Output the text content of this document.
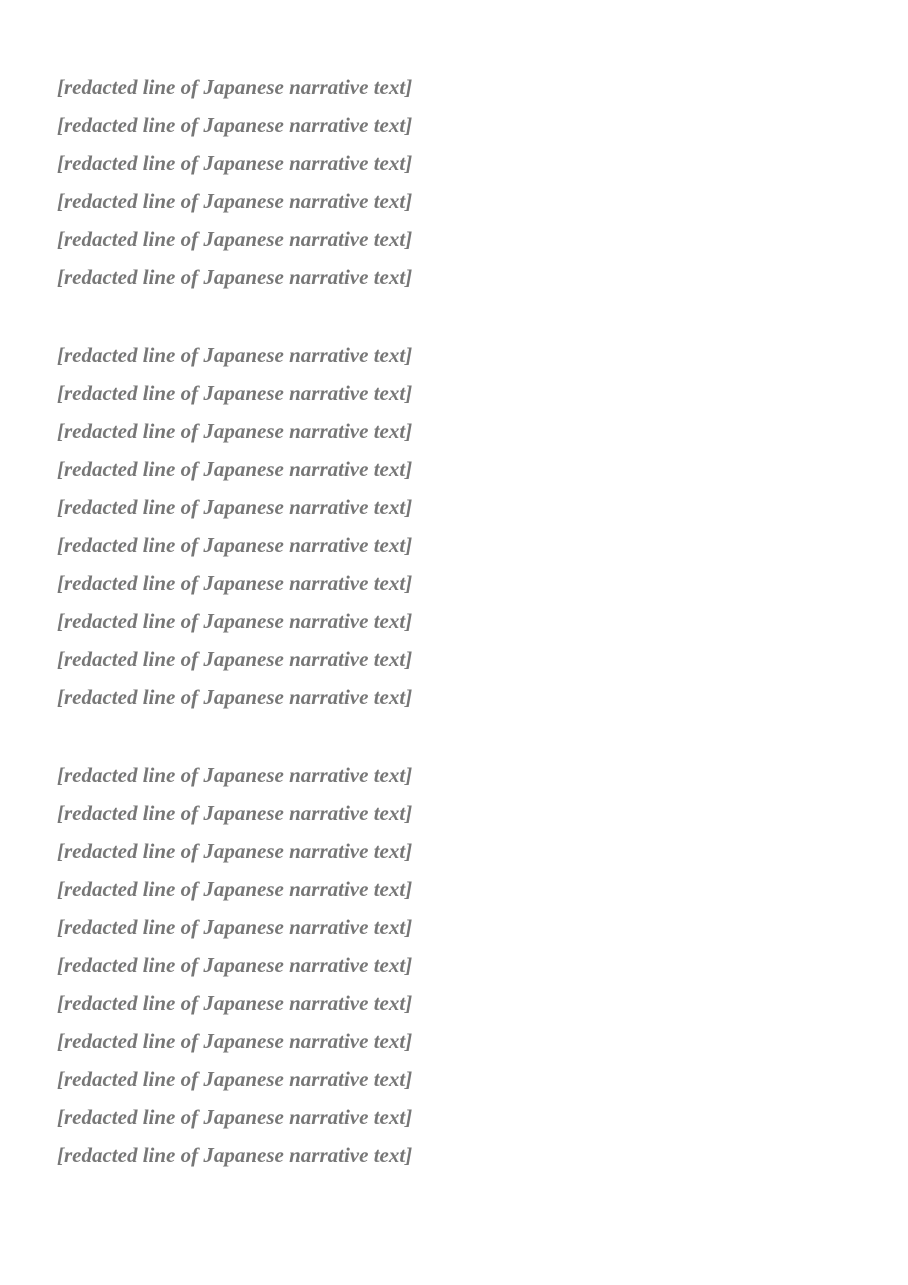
[redacted line of Japanese narrative text]
[redacted line of Japanese narrative text]
[redacted line of Japanese narrative text]
[redacted line of Japanese narrative text]
[redacted line of Japanese narrative text]
[redacted line of Japanese narrative text]
[redacted line of Japanese narrative text]
[redacted line of Japanese narrative text]
[redacted line of Japanese narrative text]
[redacted line of Japanese narrative text]
[redacted line of Japanese narrative text]
[redacted line of Japanese narrative text]
[redacted line of Japanese narrative text]
[redacted line of Japanese narrative text]
[redacted line of Japanese narrative text]
[redacted line of Japanese narrative text]
[redacted line of Japanese narrative text]
[redacted line of Japanese narrative text]
[redacted line of Japanese narrative text]
[redacted line of Japanese narrative text]
[redacted line of Japanese narrative text]
[redacted line of Japanese narrative text]
[redacted line of Japanese narrative text]
[redacted line of Japanese narrative text]
[redacted line of Japanese narrative text]
[redacted line of Japanese narrative text]
[redacted line of Japanese narrative text]
